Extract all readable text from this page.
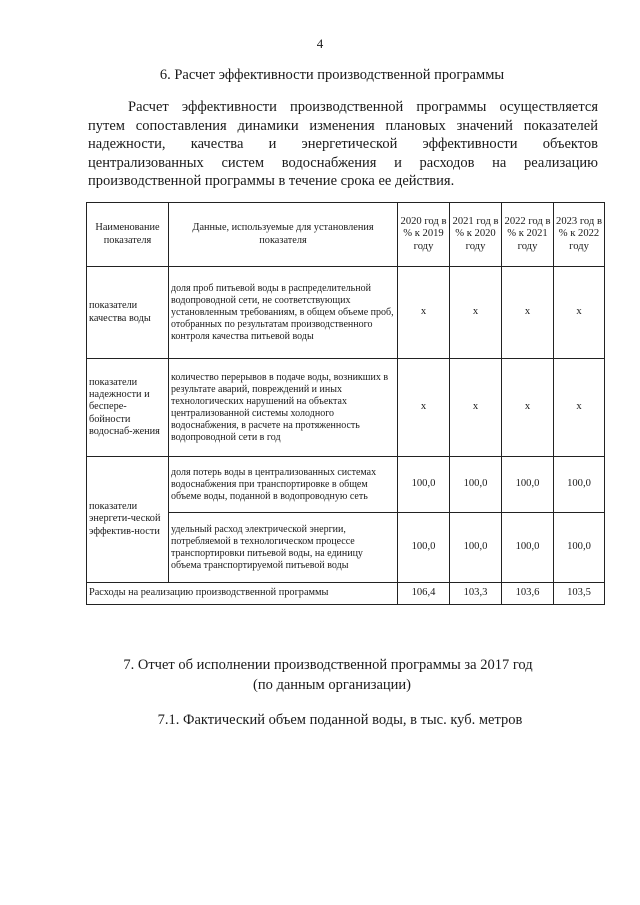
4
6. Расчет эффективности производственной программы

Расчет эффективности производственной программы осуществляется путем сопоставления динамики изменения плановых значений показателей надежности, качества и энергетической эффективности объектов централизованных систем водоснабжения и расходов на реализацию производственной программы в течение срока ее действия.

Наименование показателя	Данные, используемые для установления показателя	2020 год в % к 2019 году	2021 год в % к 2020 году	2022 год в % к 2021 году	2023 год в % к 2022 году
показатели качества воды	доля проб питьевой воды в распределительной водопроводной сети, не соответствующих установленным требованиям, в общем объеме проб, отобранных по результатам производственного контроля качества питьевой воды	x	x	x	x
показатели надежности и беспере-бойности водоснаб-жения	количество перерывов в подаче воды, возникших в результате аварий, повреждений и иных технологических нарушений на объектах централизованной системы холодного водоснабжения, в расчете на протяженность водопроводной сети в год	x	x	x	x
показатели энергети-ческой эффектив-ности	доля потерь воды в централизованных системах водоснабжения при транспортировке в общем объеме воды, поданной в водопроводную сеть	100,0	100,0	100,0	100,0
	удельный расход электрической энергии, потребляемой в технологическом процессе транспортировки питьевой воды, на единицу объема транспортируемой питьевой воды	100,0	100,0	100,0	100,0
Расходы на реализацию производственной программы		106,4	103,3	103,6	103,5
7. Отчет об исполнении производственной программы за 2017 год
(по данным организации)
7.1. Фактический объем поданной воды, в тыс. куб. метров
